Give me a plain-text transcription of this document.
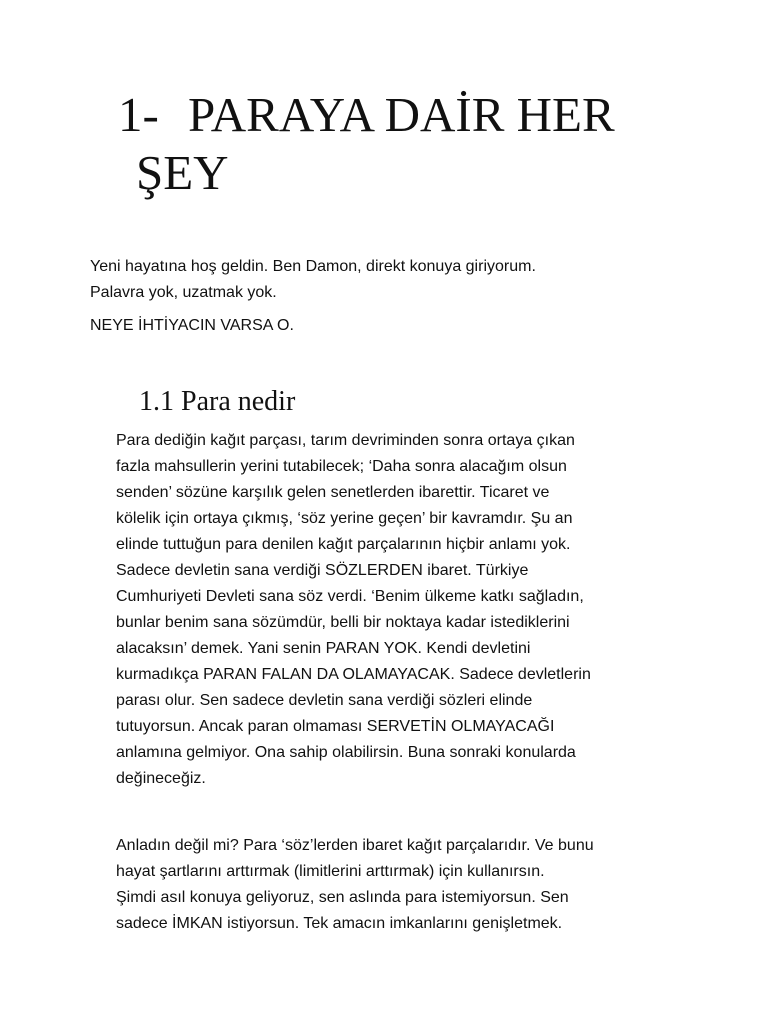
1- PARAYA DAİR HER
ŞEY

Yeni hayatına hoş geldin. Ben Damon, direkt konuya giriyorum.
Palavra yok, uzatmak yok.

NEYE İHTİYACIN VARSA O.

1.1 Para nedir

Para dediğin kağıt parçası, tarım devriminden sonra ortaya çıkan
fazla mahsullerin yerini tutabilecek; ‘Daha sonra alacağım olsun
senden’ sözüne karşılık gelen senetlerden ibarettir. Ticaret ve
kölelik için ortaya çıkmış, ‘söz yerine geçen’ bir kavramdır. Şu an
elinde tuttuğun para denilen kağıt parçalarının hiçbir anlamı yok.
Sadece devletin sana verdiği SÖZLERDEN ibaret. Türkiye
Cumhuriyeti Devleti sana söz verdi. ‘Benim ülkeme katkı sağladın,
bunlar benim sana sözümdür, belli bir noktaya kadar istediklerini
alacaksın’ demek. Yani senin PARAN YOK. Kendi devletini
kurmadıkça PARAN FALAN DA OLAMAYACAK. Sadece devletlerin
parası olur. Sen sadece devletin sana verdiği sözleri elinde
tutuyorsun. Ancak paran olmaması SERVETİN OLMAYACAĞI
anlamına gelmiyor. Ona sahip olabilirsin. Buna sonraki konularda
değineceğiz.

Anladın değil mi? Para ‘söz’lerden ibaret kağıt parçalarıdır. Ve bunu
hayat şartlarını arttırmak (limitlerini arttırmak) için kullanırsın.
Şimdi asıl konuya geliyoruz, sen aslında para istemiyorsun. Sen
sadece İMKAN istiyorsun. Tek amacın imkanlarını genişletmek.
